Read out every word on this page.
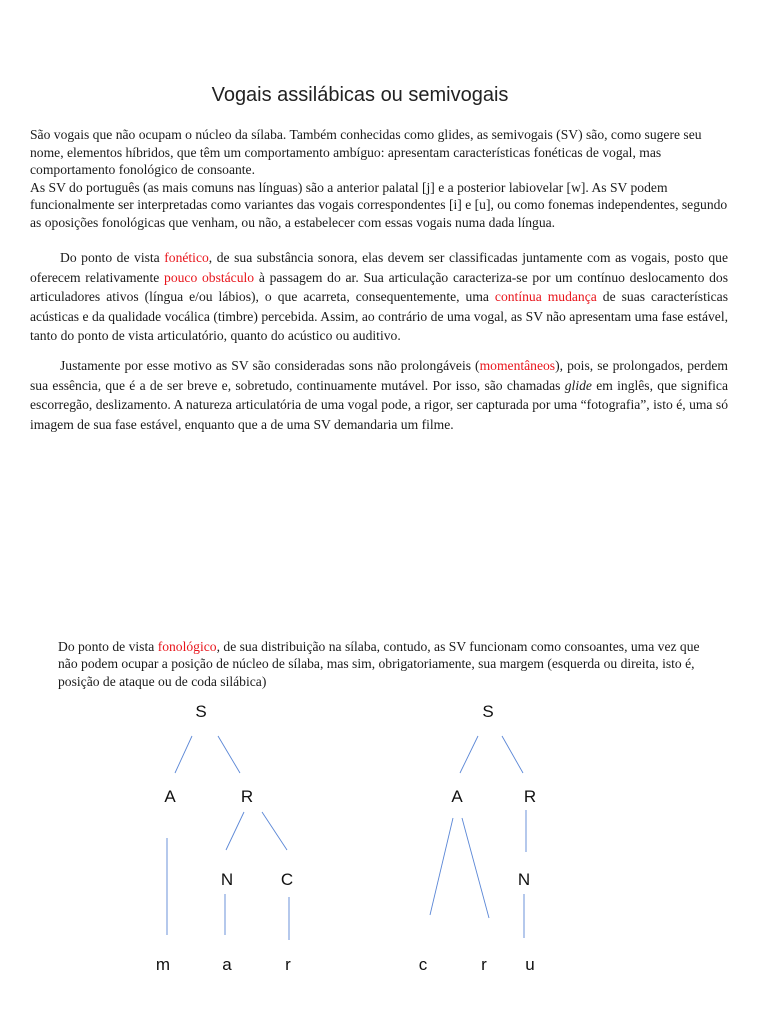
Vogais assilábicas ou semivogais

São vogais que não ocupam o núcleo da sílaba. Também conhecidas como glides, as semivogais (SV) são, como sugere seu nome, elementos híbridos, que têm um comportamento ambíguo: apresentam características fonéticas de vogal, mas comportamento fonológico de consoante.

As SV do português (as mais comuns nas línguas) são a anterior palatal [j] e a posterior labiovelar [w]. As SV podem funcionalmente ser interpretadas como variantes das vogais correspondentes [i] e [u], ou como fonemas independentes, segundo as oposições fonológicas que venham, ou não, a estabelecer com essas vogais numa dada língua.

Do ponto de vista fonético, de sua substância sonora, elas devem ser classificadas juntamente com as vogais, posto que oferecem relativamente pouco obstáculo à passagem do ar. Sua articulação caracteriza-se por um contínuo deslocamento dos articuladores ativos (língua e/ou lábios), o que acarreta, consequentemente, uma contínua mudança de suas características acústicas e da qualidade vocálica (timbre) percebida. Assim, ao contrário de uma vogal, as SV não apresentam uma fase estável, tanto do ponto de vista articulatório, quanto do acústico ou auditivo.

Justamente por esse motivo as SV são consideradas sons não prolongáveis (momentâneos), pois, se prolongados, perdem sua essência, que é a de ser breve e, sobretudo, continuamente mutável. Por isso, são chamadas glide em inglês, que significa escorregão, deslizamento. A natureza articulatória de uma vogal pode, a rigor, ser capturada por uma “fotografia”, isto é, uma só imagem de sua fase estável, enquanto que a de uma SV demandaria um filme.

Do ponto de vista fonológico, de sua distribuição na sílaba, contudo, as SV funcionam como consoantes, uma vez que não podem ocupar a posição de núcleo de sílaba, mas sim, obrigatoriamente, sua margem (esquerda ou direita, isto é, posição de ataque ou de coda silábica)

S
A	R
N	C
m	a	r
S
A	R
N
c	r u
